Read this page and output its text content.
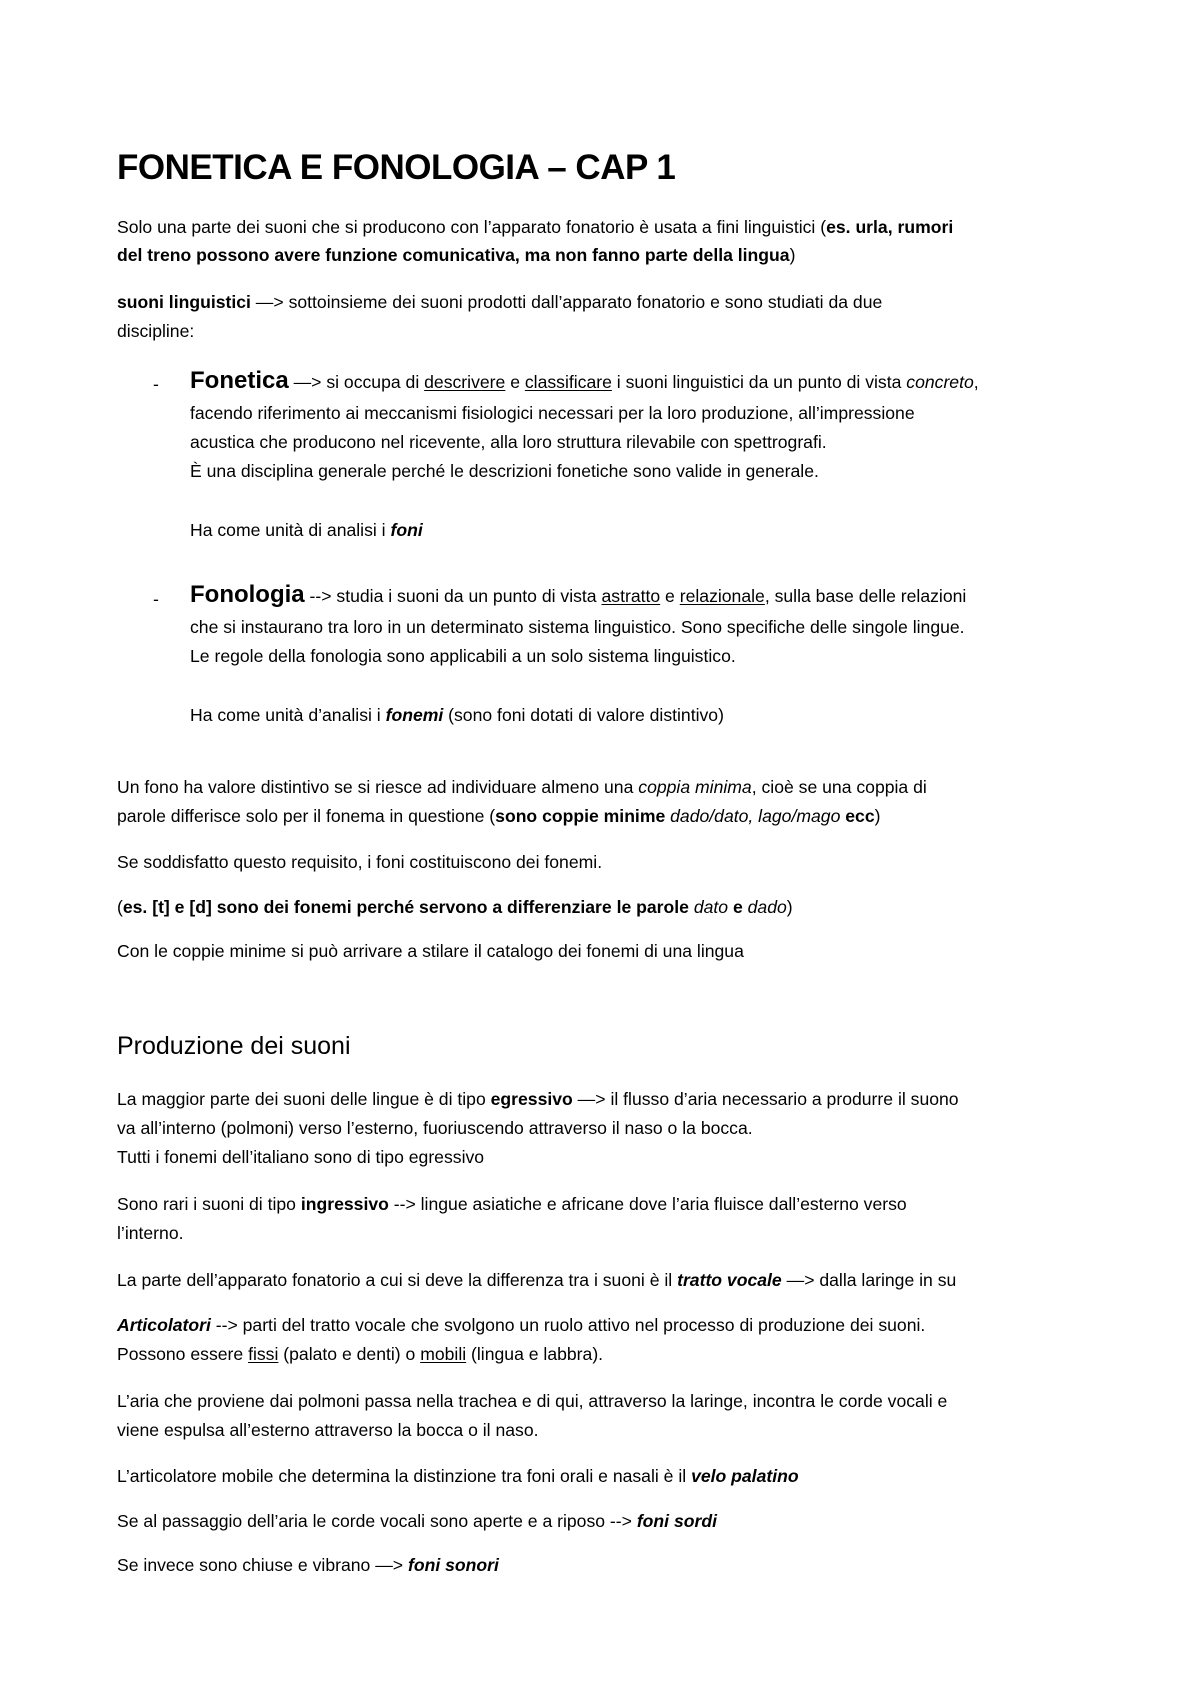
FONETICA E FONOLOGIA – CAP 1
Solo una parte dei suoni che si producono con l’apparato fonatorio è usata a fini linguistici (es. urla, rumori
del treno possono avere funzione comunicativa, ma non fanno parte della lingua)
suoni linguistici —> sottoinsieme dei suoni prodotti dall’apparato fonatorio e sono studiati da due
discipline:
- Fonetica —> si occupa di descrivere e classificare i suoni linguistici da un punto di vista concreto,
facendo riferimento ai meccanismi fisiologici necessari per la loro produzione, all’impressione
acustica che producono nel ricevente, alla loro struttura rilevabile con spettrografi.
È una disciplina generale perché le descrizioni fonetiche sono valide in generale.
Ha come unità di analisi i foni
- Fonologia --> studia i suoni da un punto di vista astratto e relazionale, sulla base delle relazioni
che si instaurano tra loro in un determinato sistema linguistico. Sono specifiche delle singole lingue.
Le regole della fonologia sono applicabili a un solo sistema linguistico.
Ha come unità d’analisi i fonemi (sono foni dotati di valore distintivo)
Un fono ha valore distintivo se si riesce ad individuare almeno una coppia minima, cioè se una coppia di
parole differisce solo per il fonema in questione (sono coppie minime dado/dato, lago/mago ecc)
Se soddisfatto questo requisito, i foni costituiscono dei fonemi.
(es. [t] e [d] sono dei fonemi perché servono a differenziare le parole dato e dado)
Con le coppie minime si può arrivare a stilare il catalogo dei fonemi di una lingua
Produzione dei suoni
La maggior parte dei suoni delle lingue è di tipo egressivo —> il flusso d’aria necessario a produrre il suono
va all’interno (polmoni) verso l’esterno, fuoriuscendo attraverso il naso o la bocca.
Tutti i fonemi dell’italiano sono di tipo egressivo
Sono rari i suoni di tipo ingressivo --> lingue asiatiche e africane dove l’aria fluisce dall’esterno verso
l’interno.
La parte dell’apparato fonatorio a cui si deve la differenza tra i suoni è il tratto vocale —> dalla laringe in su
Articolatori --> parti del tratto vocale che svolgono un ruolo attivo nel processo di produzione dei suoni.
Possono essere fissi (palato e denti) o mobili (lingua e labbra).
L’aria che proviene dai polmoni passa nella trachea e di qui, attraverso la laringe, incontra le corde vocali e
viene espulsa all’esterno attraverso la bocca o il naso.
L’articolatore mobile che determina la distinzione tra foni orali e nasali è il velo palatino
Se al passaggio dell’aria le corde vocali sono aperte e a riposo --> foni sordi
Se invece sono chiuse e vibrano —> foni sonori
